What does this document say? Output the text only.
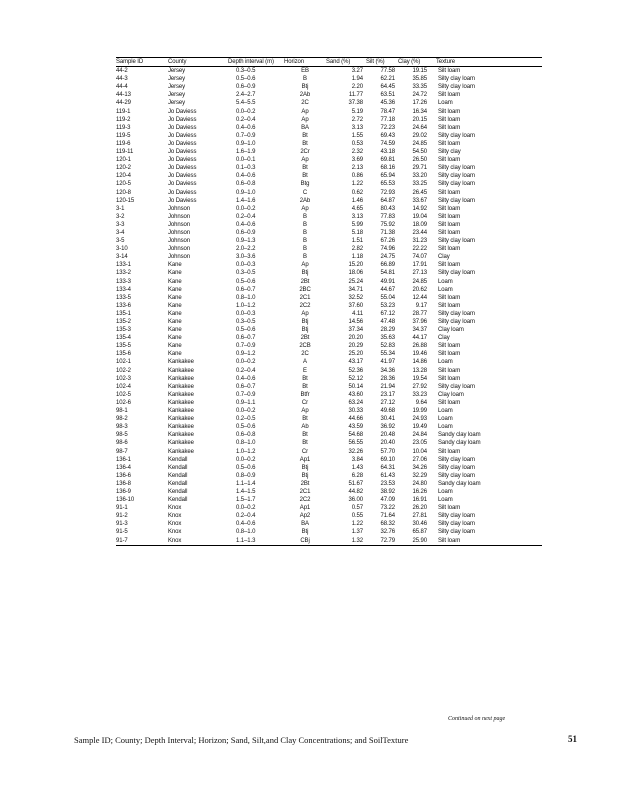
Sample ID	County	Depth interval (m)	Horizon	Sand (%)	Silt (%)	Clay (%)	Texture
44-2	Jersey	0.3–0.5	EB	3.27	77.58	19.15	Silt loam
44-3	Jersey	0.5–0.6	B	1.94	62.21	35.85	Silty clay loam
44-4	Jersey	0.6–0.9	Btj	2.20	64.45	33.35	Silty clay loam
44-13	Jersey	2.4–2.7	2Ab	11.77	63.51	24.72	Silt loam
44-29	Jersey	5.4–5.5	2C	37.38	45.36	17.26	Loam
119-1	Jo Daviess	0.0–0.2	Ap	5.19	78.47	16.34	Silt loam
119-2	Jo Daviess	0.2–0.4	Ap	2.72	77.18	20.15	Silt loam
119-3	Jo Daviess	0.4–0.6	BA	3.13	72.23	24.64	Silt loam
119-5	Jo Daviess	0.7–0.9	Bt	1.55	69.43	29.02	Silty clay loam
119-6	Jo Daviess	0.9–1.0	Bt	0.53	74.59	24.85	Silt loam
119-11	Jo Daviess	1.6–1.9	2Cr	2.32	43.18	54.50	Silty clay
120-1	Jo Daviess	0.0–0.1	Ap	3.69	69.81	26.50	Silt loam
120-2	Jo Daviess	0.1–0.3	Bt	2.13	68.16	29.71	Silty clay loam
120-4	Jo Daviess	0.4–0.6	Bt	0.86	65.94	33.20	Silty clay loam
120-5	Jo Daviess	0.6–0.8	Btg	1.22	65.53	33.25	Silty clay loam
120-8	Jo Daviess	0.9–1.0	C	0.62	72.93	26.45	Silt loam
120-15	Jo Daviess	1.4–1.6	2Ab	1.46	64.87	33.67	Silty clay loam
3-1	Johnson	0.0–0.2	Ap	4.65	80.43	14.92	Silt loam
3-2	Johnson	0.2–0.4	B	3.13	77.83	19.04	Silt loam
3-3	Johnson	0.4–0.6	B	5.99	75.92	18.09	Silt loam
3-4	Johnson	0.6–0.9	B	5.18	71.38	23.44	Silt loam
3-5	Johnson	0.9–1.3	B	1.51	67.26	31.23	Silty clay loam
3-10	Johnson	2.0–2.2	B	2.82	74.96	22.22	Silt loam
3-14	Johnson	3.0–3.6	B	1.18	24.75	74.07	Clay
133-1	Kane	0.0–0.3	Ap	15.20	66.89	17.91	Silt loam
133-2	Kane	0.3–0.5	Btj	18.06	54.81	27.13	Silty clay loam
133-3	Kane	0.5–0.6	2Bt	25.24	49.91	24.85	Loam
133-4	Kane	0.6–0.7	2BC	34.71	44.67	20.62	Loam
133-5	Kane	0.8–1.0	2C1	32.52	55.04	12.44	Silt loam
133-6	Kane	1.0–1.2	2C2	37.60	53.23	9.17	Silt loam
135-1	Kane	0.0–0.3	Ap	4.11	67.12	28.77	Silty clay loam
135-2	Kane	0.3–0.5	Btj	14.56	47.48	37.96	Silty clay loam
135-3	Kane	0.5–0.6	Btj	37.34	28.29	34.37	Clay loam
135-4	Kane	0.6–0.7	2Bt	20.20	35.63	44.17	Clay
135-5	Kane	0.7–0.9	2CB	20.29	52.83	26.88	Silt loam
135-6	Kane	0.9–1.2	2C	25.20	55.34	19.46	Silt loam
102-1	Kankakee	0.0–0.2	A	43.17	41.97	14.86	Loam
102-2	Kankakee	0.2–0.4	E	52.36	34.36	13.28	Silt loam
102-3	Kankakee	0.4–0.6	Bt	52.12	28.36	19.54	Silt loam
102-4	Kankakee	0.6–0.7	Bt	50.14	21.94	27.92	Silty clay loam
102-5	Kankakee	0.7–0.9	Btfr	43.60	23.17	33.23	Clay loam
102-6	Kankakee	0.9–1.1	Cr	63.24	27.12	9.64	Silt loam
98-1	Kankakee	0.0–0.2	Ap	30.33	49.68	19.99	Loam
98-2	Kankakee	0.2–0.5	Bt	44.66	30.41	24.93	Loam
98-3	Kankakee	0.5–0.6	Ab	43.59	36.92	19.49	Loam
98-5	Kankakee	0.6–0.8	Bt	54.68	20.48	24.84	Sandy clay loam
98-6	Kankakee	0.8–1.0	Bt	56.55	20.40	23.05	Sandy clay loam
98-7	Kankakee	1.0–1.2	Cr	32.26	57.70	10.04	Silt loam
136-1	Kendall	0.0–0.2	Ap1	3.84	69.10	27.06	Silty clay loam
136-4	Kendall	0.5–0.6	Btj	1.43	64.31	34.26	Silty clay loam
136-6	Kendall	0.8–0.9	Btj	6.28	61.43	32.29	Silty clay loam
136-8	Kendall	1.1–1.4	2Bt	51.67	23.53	24.80	Sandy clay loam
136-9	Kendall	1.4–1.5	2C1	44.82	38.92	16.26	Loam
136-10	Kendall	1.5–1.7	2C2	36.00	47.09	16.91	Loam
91-1	Knox	0.0–0.2	Ap1	0.57	73.22	26.20	Silt loam
91-2	Knox	0.2–0.4	Ap2	0.55	71.64	27.81	Silty clay loam
91-3	Knox	0.4–0.6	BA	1.22	68.32	30.46	Silty clay loam
91-5	Knox	0.8–1.0	Btj	1.37	32.76	65.87	Silty clay loam
91-7	Knox	1.1–1.3	CBj	1.32	72.79	25.90	Silt loam
Continued on next page
Sample ID; County; Depth Interval; Horizon; Sand, Silt,and Clay Concentrations; and SoilTexture	51
